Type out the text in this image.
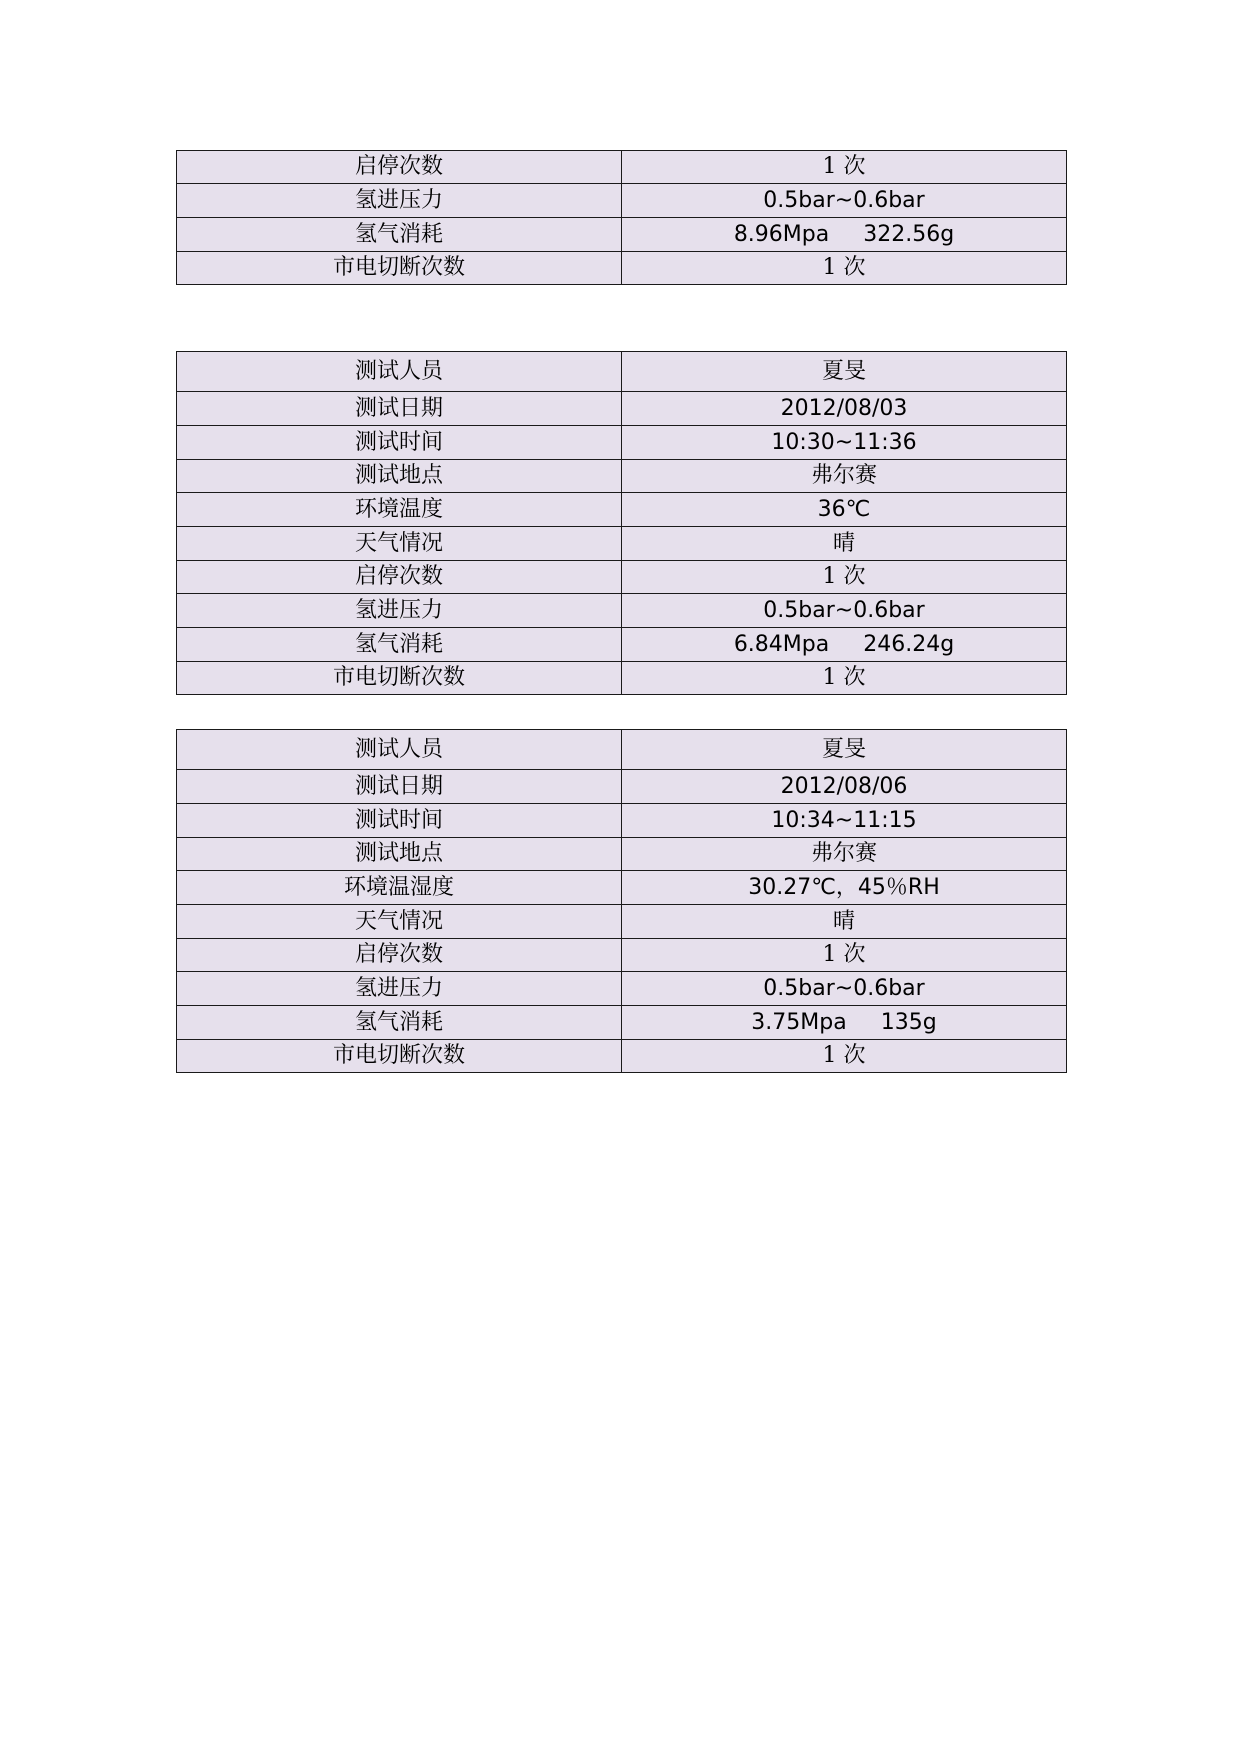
启停次数	1 次
氢进压力	0.5bar~0.6bar
氢气消耗	8.96Mpa 322.56g
市电切断次数	1 次
测试人员	夏旻
测试日期	2012/08/03
测试时间	10:30~11:36
测试地点	弗尔赛
环境温度	36℃
天气情况	晴
启停次数	1 次
氢进压力	0.5bar~0.6bar
氢气消耗	6.84Mpa 246.24g
市电切断次数	1 次
测试人员	夏旻
测试日期	2012/08/06
测试时间	10:34~11:15
测试地点	弗尔赛
环境温湿度	30.27℃，45％RH
天气情况	晴
启停次数	1 次
氢进压力	0.5bar~0.6bar
氢气消耗	3.75Mpa 135g
市电切断次数	1 次
